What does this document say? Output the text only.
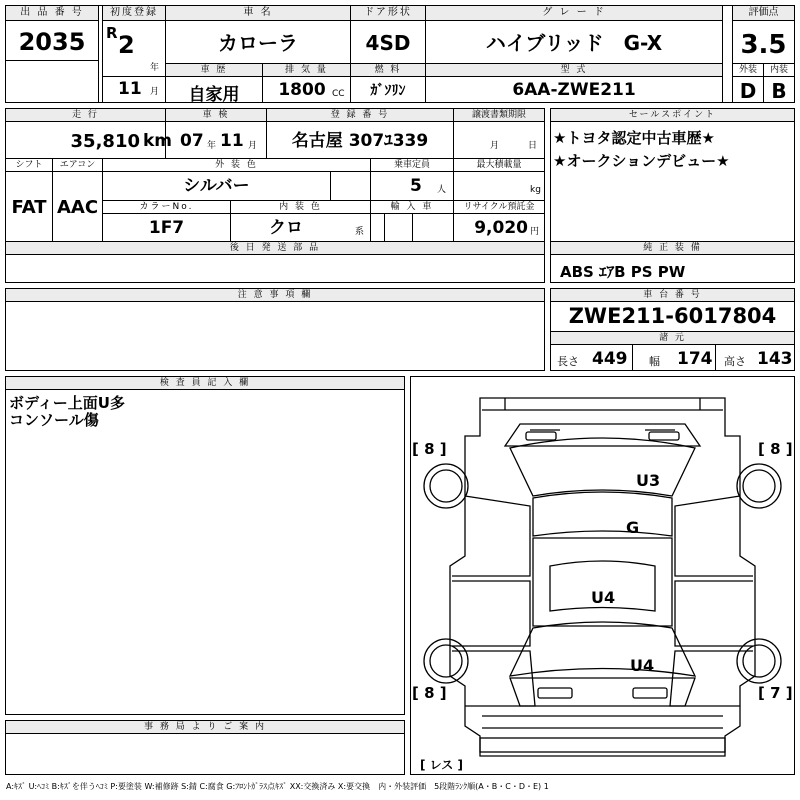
出 品 番 号
2035
初度登録
R 2
年
11 月
車 名
カローラ
ドア形状
4SD
グ レ ー ド
ハイブリッド　G-X
評価点
3.5
車 歴	排 気 量	燃 料	型 式
自家用	1800 CC	ｶﾞｿﾘﾝ	6AA-ZWE211
外装	内装
D B
走 行	車 検	登 録 番 号	譲渡書類期限
35,810 km 07 年 11 月	名古屋 307ﾕ339	月	日
シフト	エアコン
FAT AAC
外 装 色	乗車定員	最大積載量
シルバー	5 人	kg
カラーNo.	内 装 色	輸 入 車	リサイクル預託金
1F7	クロ	系	9,020 円
後 日 発 送 部 品
セールスポイント
★トヨタ認定中古車歴★
★オークションデビュー★
純 正 装 備
ABS ｴｱB PS PW
注 意 事 項 欄	車 台 番 号
ZWE211-6017804
諸 元
長さ 449 幅 174 高さ 143
検 査 員 記 入 欄
ボディー上面U多
コンソール傷
事 務 局 よ り ご 案 内
[ 8 ]	[ 8 ]
[ 8 ]	[ 7 ]
[ レス ]
U3
G
U4
U4
A:ｷｽﾞ U:ﾍｺﾐ B:ｷｽﾞを伴うﾍｺﾐ P:要塗装 W:補修跡 S:錆 C:腐食 G:ﾌﾛﾝﾄｶﾞﾗｽ点ｷｽﾞ XX:交換済み X:要交換　内・外装評価　5段階ﾗﾝｸ順(A・B・C・D・E) 1
